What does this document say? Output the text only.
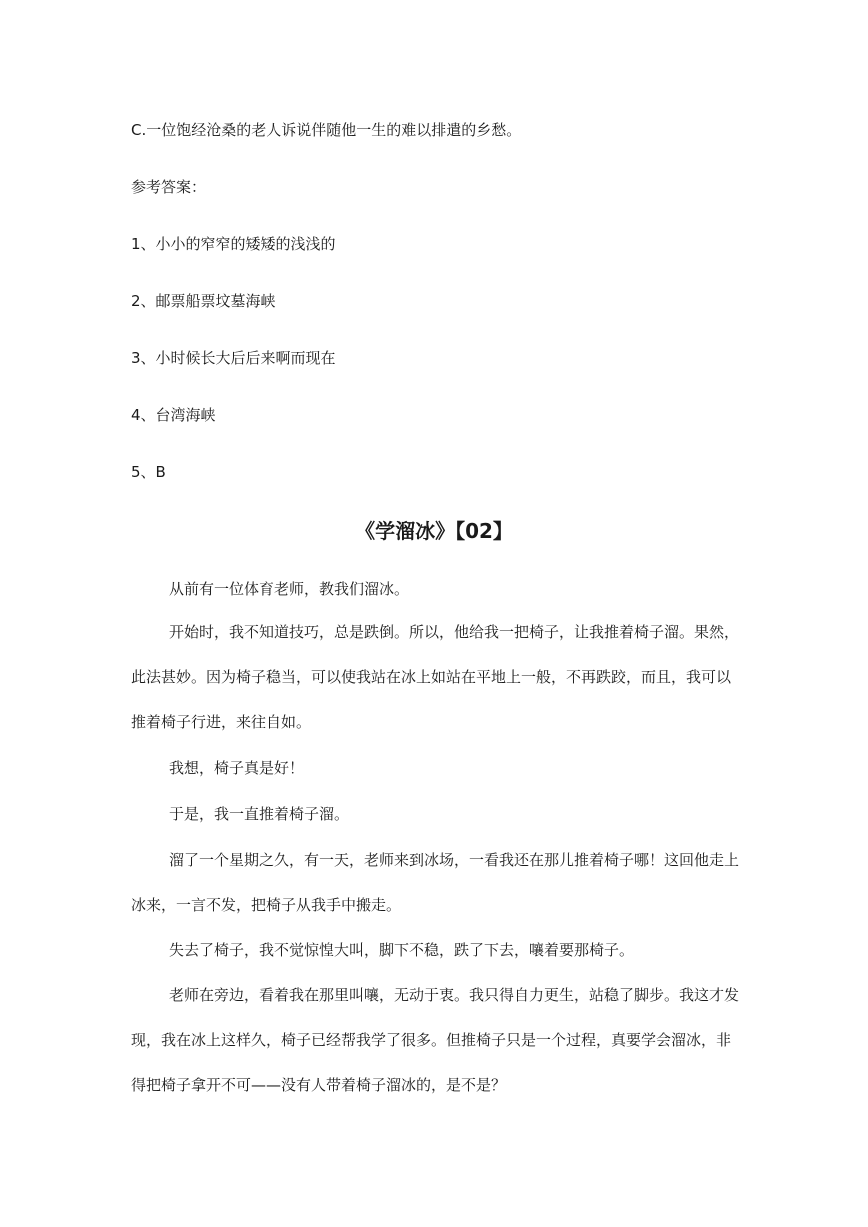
C.一位饱经沧桑的老人诉说伴随他一生的难以排遣的乡愁。
参考答案：
1、小小的窄窄的矮矮的浅浅的
2、邮票船票坟墓海峡
3、小时候长大后后来啊而现在
4、台湾海峡
5、B
《学溜冰》【02】

从前有一位体育老师，教我们溜冰。

开始时，我不知道技巧，总是跌倒。所以，他给我一把椅子，让我推着椅子溜。果然，此法甚妙。因为椅子稳当，可以使我站在冰上如站在平地上一般，不再跌跤，而且，我可以推着椅子行进，来往自如。

我想，椅子真是好！

于是，我一直推着椅子溜。

溜了一个星期之久，有一天，老师来到冰场，一看我还在那儿推着椅子哪！这回他走上冰来，一言不发，把椅子从我手中搬走。

失去了椅子，我不觉惊惶大叫，脚下不稳，跌了下去，嚷着要那椅子。

老师在旁边，看着我在那里叫嚷，无动于衷。我只得自力更生，站稳了脚步。我这才发现，我在冰上这样久，椅子已经帮我学了很多。但推椅子只是一个过程，真要学会溜冰，非得把椅子拿开不可——没有人带着椅子溜冰的，是不是？
